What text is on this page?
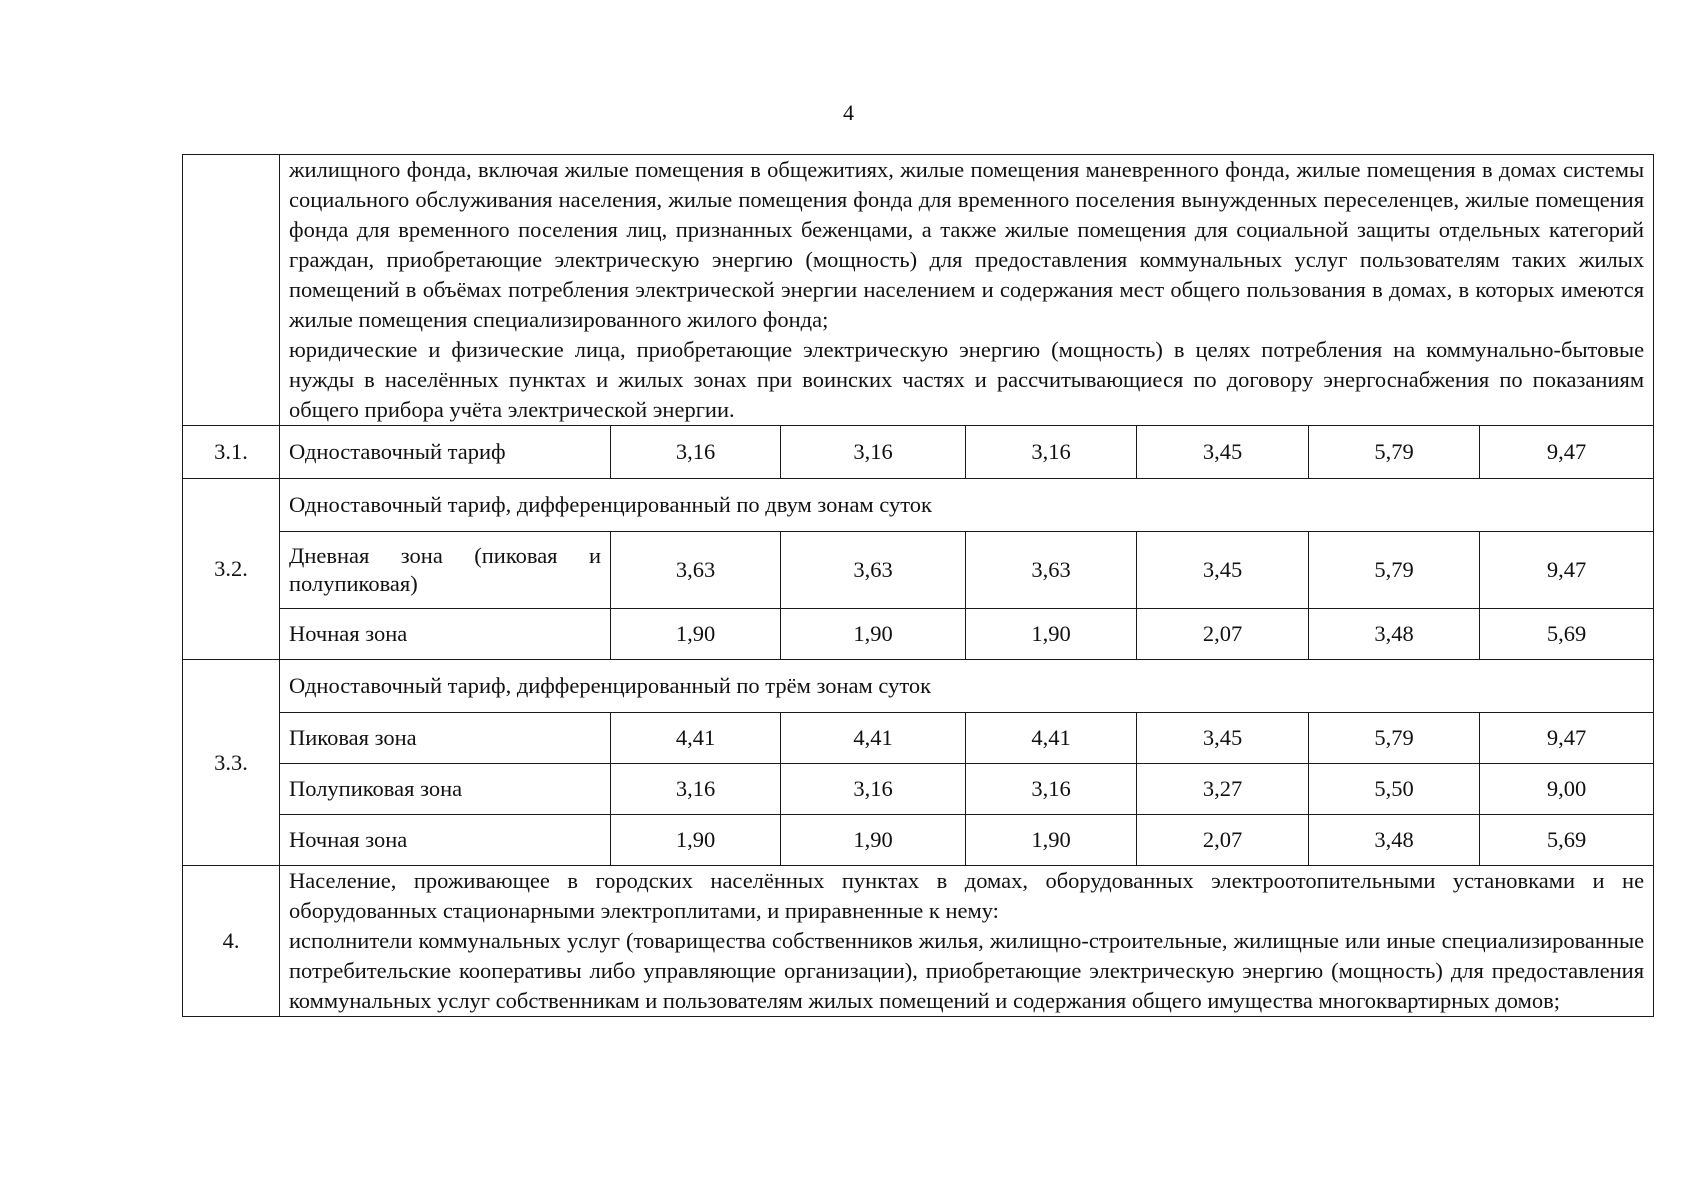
4

	жилищного фонда, включая жилые помещения в общежитиях, жилые помещения маневренного фонда, жилые помещения в домах системы социального обслуживания населения, жилые помещения фонда для временного поселения вынужденных переселенцев, жилые помещения фонда для временного поселения лиц, признанных беженцами, а также жилые помещения для социальной защиты отдельных категорий граждан, приобретающие электрическую энергию (мощность) для предоставления коммунальных услуг пользователям таких жилых помещений в объёмах потребления электрической энергии населением и содержания мест общего пользования в домах, в которых имеются жилые помещения специализированного жилого фонда;

юридические и физические лица, приобретающие электрическую энергию (мощность) в целях потребления на коммунально-бытовые нужды в населённых пунктах и жилых зонах при воинских частях и рассчитывающиеся по договору энергоснабжения по показаниям общего прибора учёта электрической энергии.						

3.1.	Одноставочный тариф	3,16	3,16	3,16	3,45	5,79	9,47
3.2.	Одноставочный тариф, дифференцированный по двум зонам суток						
	Дневная зона (пиковая и полупиковая)	3,63	3,63	3,63	3,45	5,79	9,47
	Ночная зона	1,90	1,90	1,90	2,07	3,48	5,69
3.3.	Одноставочный тариф, дифференцированный по трём зонам суток						
	Пиковая зона	4,41	4,41	4,41	3,45	5,79	9,47
	Полупиковая зона	3,16	3,16	3,16	3,27	5,50	9,00
	Ночная зона	1,90	1,90	1,90	2,07	3,48	5,69
4.	Население, проживающее в городских населённых пунктах в домах, оборудованных электроотопительными установками и не оборудованных стационарными электроплитами, и приравненные к нему:

исполнители коммунальных услуг (товарищества собственников жилья, жилищно-строительные, жилищные или иные специализированные потребительские кооперативы либо управляющие организации), приобретающие электрическую энергию (мощность) для предоставления коммунальных услуг собственникам и пользователям жилых помещений и содержания общего имущества многоквартирных домов;						
